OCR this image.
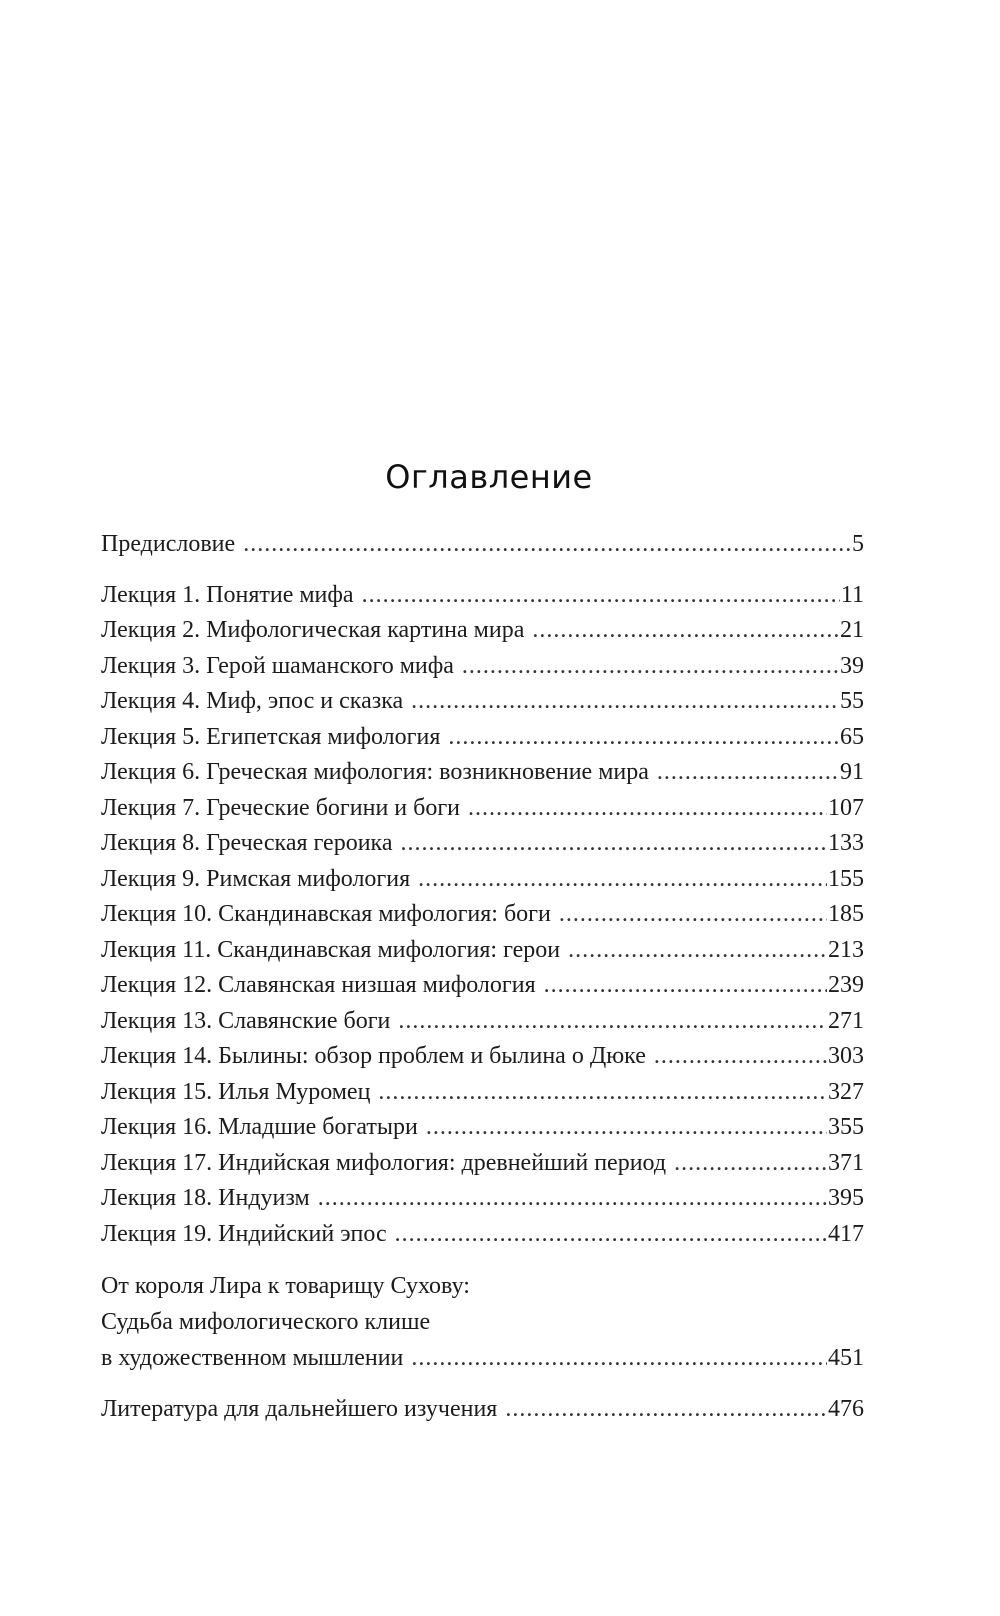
Оглавление
Предисловие .....	5
Лекция 1. Понятие мифа .....	11
Лекция 2. Мифологическая картина мира .....	21
Лекция 3. Герой шаманского мифа .....	39
Лекция 4. Миф, эпос и сказка .....	55
Лекция 5. Египетская мифология .....	65
Лекция 6. Греческая мифология: возникновение мира .....	91
Лекция 7. Греческие богини и боги .....	107
Лекция 8. Греческая героика .....	133
Лекция 9. Римская мифология .....	155
Лекция 10. Скандинавская мифология: боги .....	185
Лекция 11. Скандинавская мифология: герои .....	213
Лекция 12. Славянская низшая мифология .....	239
Лекция 13. Славянские боги .....	271
Лекция 14. Былины: обзор проблем и былина о Дюке .....	303
Лекция 15. Илья Муромец .....	327
Лекция 16. Младшие богатыри .....	355
Лекция 17. Индийская мифология: древнейший период .....	371
Лекция 18. Индуизм .....	395
Лекция 19. Индийский эпос .....	417
От короля Лира к товарищу Сухову:
Судьба мифологического клише
в художественном мышлении .....	451
Литература для дальнейшего изучения .....	476
